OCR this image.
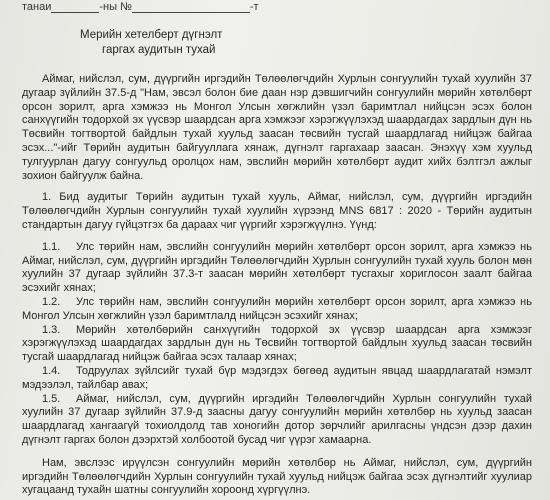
танаи	-ны №	-т
Мерийн хетелберт дүгнэлт
гаргах аудитын тухай

Аймаг, нийслэл, сум, дүүргийн иргэдийн Төлөөлөгчдийн Хурлын сонгуулийн тухай хуулийн 37 дугаар зүйлийн 37.5-д "Нам, эвсэл болон бие даан нэр дэвшигчийн сонгуулийн мөрийн хөтөлбөрт орсон зорилт, арга хэмжээ нь Монгол Улсын хөгжлийн үзэл баримтлал нийцсэн эсэх болон санхүүгийн тодорхой эх үүсвэр шаардсан арга хэмжээг хэрэгжүүлэхэд шаардагдах зардлын дүн нь Төсвийн тогтвортой байдлын тухай хуульд заасан төсвийн тусгай шаардлагад нийцэж байгаа эсэх..."-ийг Төрийн аудитын байгууллага хянаж, дүгнэлт гаргахаар заасан. Энэхүү хэм хуульд тулгуурлан дагуу сонгуульд оролцох нам, эвслийн мөрийн хөтөлбөрт аудит хийх бэлтгэл ажлыг зохион байгуулж байна.

1. Бид аудитыг Төрийн аудитын тухай хууль, Аймаг, нийслэл, сум, дүүргийн иргэдийн Төлөөлөгчдийн Хурлын сонгуулийн тухай хуулийн хүрээнд MNS 6817 : 2020 - Төрийн аудитын стандартын дагуу гүйцэтгэх ба дараах чиг үүргийг хэрэгжүүлнэ. Үүнд:

1.1. Улс төрийн нам, эвслийн сонгуулийн мөрийн хөтөлбөрт орсон зорилт, арга хэмжээ нь Аймаг, нийслэл, сум, дүүргийн иргэдийн Төлөөлөгчдийн Хурлын сонгуулийн тухай хууль болон мөн хуулийн 37 дугаар зүйлийн 37.3-т заасан мөрийн хөтөлбөрт тусгахыг хориглосон заалт байгаа эсэхийг хянах;

1.2. Улс төрийн нам, эвслийн сонгуулийн мөрийн хөтөлбөрт орсон зорилт, арга хэмжээ нь Монгол Улсын хөгжлийн үзэл баримтлалд нийцсэн эсэхийг хянах;

1.3. Мөрийн хөтөлбөрийн санхүүгийн тодорхой эх үүсвэр шаардсан арга хэмжээг хэрэгжүүлэхэд шаардагдах зардлын дүн нь Төсвийн тогтвортой байдлын хуульд заасан төсвийн тусгай шаардлагад нийцэж байгаа эсэх талаар хянах;

1.4. Тодруулах зүйлсийг тухай бүр мэдэгдэх бөгөөд аудитын явцад шаардлагатай нэмэлт мэдээлэл, тайлбар авах;

1.5. Аймаг, нийслэл, сум, дүүргийн иргэдийн Төлөөлөгчдийн Хурлын сонгуулийн тухай хуулийн 37 дугаар зүйлийн 37.9-д заасны дагуу сонгуулийн мөрийн хөтөлбөр нь хуульд заасан шаардлагад хангаагүй тохиолдолд тав хоногийн дотор зөрчлийг арилгасны үндсэн дээр дахин дүгнэлт гаргах болон дээрхтэй холбоотой бусад чиг үүрэг хамаарна.

Нам, эвслээс ирүүлсэн сонгуулийн мөрийн хөтөлбөр нь Аймаг, нийслэл, сум, дүүргийн иргэдийн Төлөөлөгчдийн Хурлын сонгуулийн тухай хуульд нийцэж байгаа эсэх дүгнэлтийг хуулиар хугацаанд тухайн шатны сонгуулийн хороонд хүргүүлнэ.
